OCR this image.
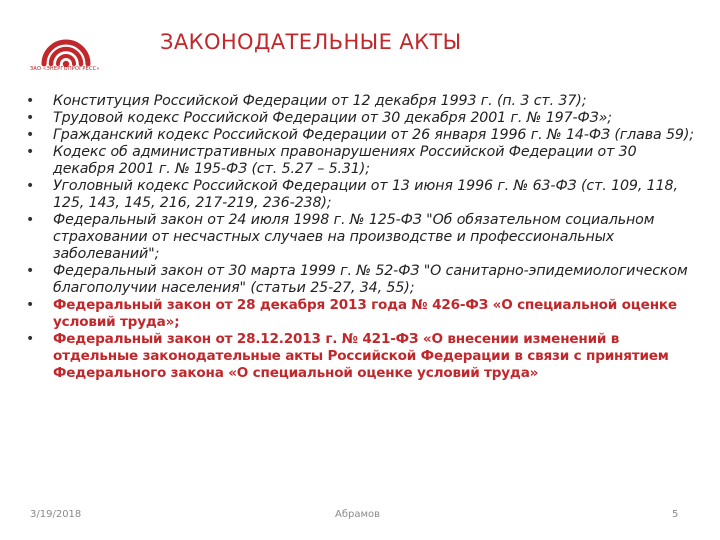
ЗАО «ЭНЕРГОПРОГРЕСС»
ЗАКОНОДАТЕЛЬНЫЕ АКТЫ
• Конституция Российской Федерации от 12 декабря 1993 г. (п. 3 ст. 37);
• Трудовой кодекс Российской Федерации от 30 декабря 2001 г. № 197-ФЗ»;
• Гражданский кодекс Российской Федерации от 26 января 1996 г. № 14-ФЗ (глава 59);
• Кодекс об административных правонарушениях Российской Федерации от 30 декабря 2001 г. № 195-ФЗ (ст. 5.27 – 5.31);
• Уголовный кодекс Российской Федерации от 13 июня 1996 г. № 63-ФЗ (ст. 109, 118, 125, 143, 145, 216, 217-219, 236-238);
• Федеральный закон от 24 июля 1998 г. № 125-ФЗ "Об обязательном социальном страховании от несчастных случаев на производстве и профессиональных заболеваний";
• Федеральный закон от 30 марта 1999 г. № 52-ФЗ "О санитарно-эпидемиологическом благополучии населения" (статьи 25-27, 34, 55);
• Федеральный закон от 28 декабря 2013 года № 426-ФЗ «О специальной оценке условий труда»;
• Федеральный закон от 28.12.2013 г. № 421-ФЗ «О внесении изменений в отдельные законодательные акты Российской Федерации в связи с принятием Федерального закона «О специальной оценке условий труда»
3/19/2018	Абрамов	5
